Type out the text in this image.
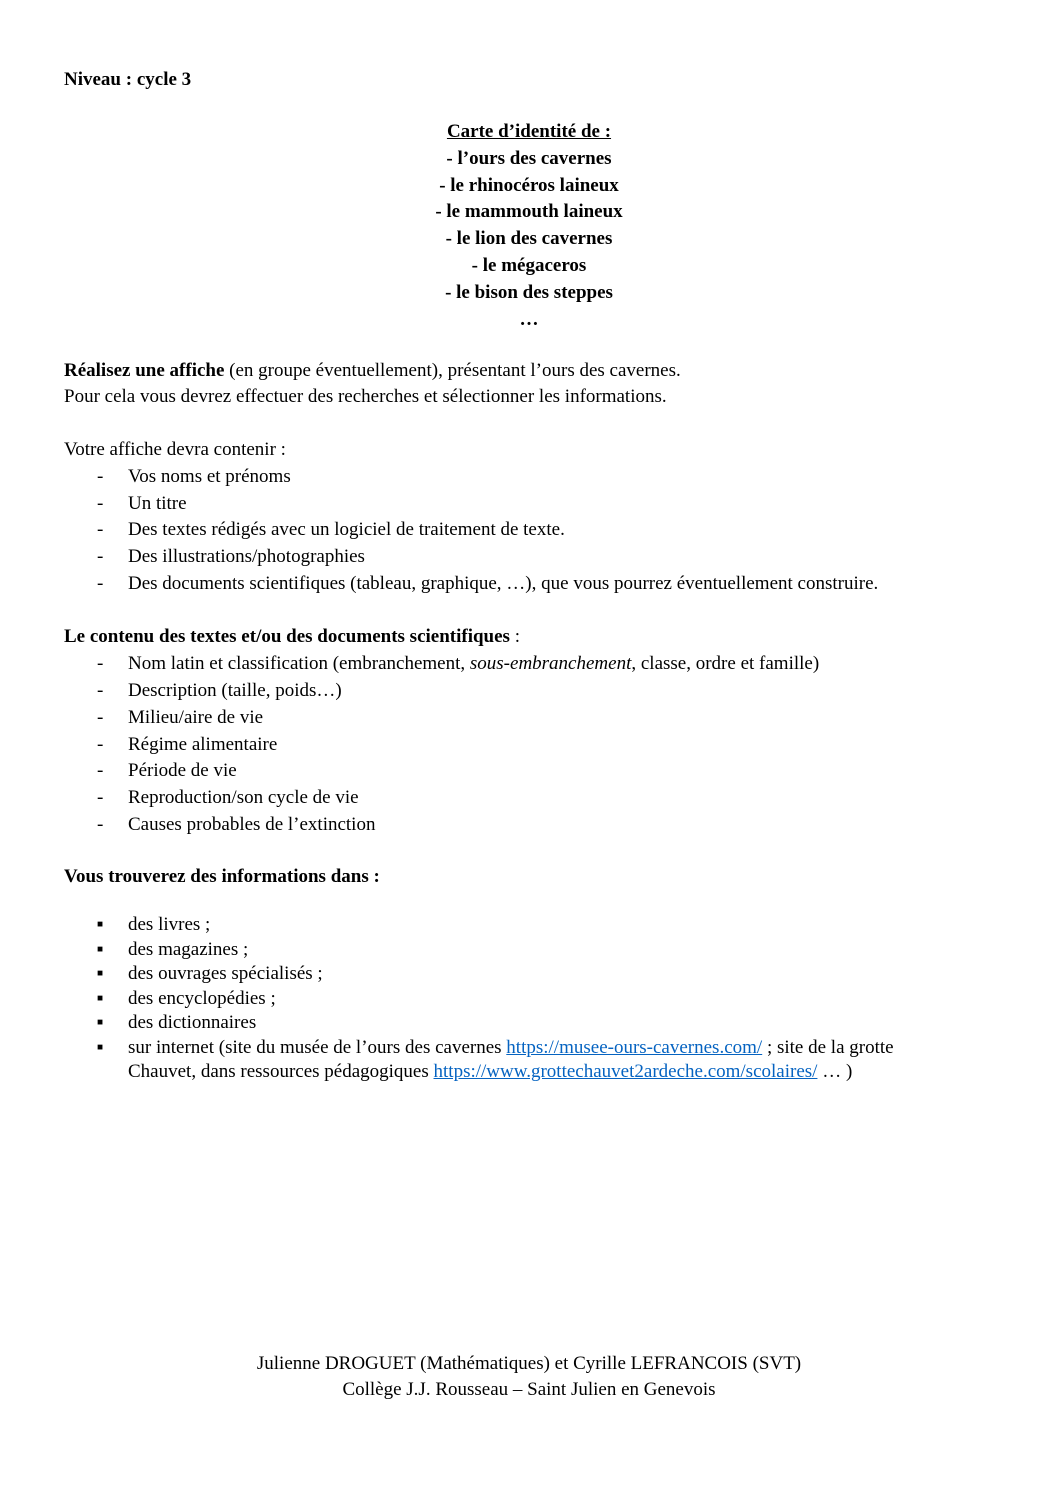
Niveau : cycle 3
Carte d’identité de :
- l’ours des cavernes
- le rhinocéros laineux
- le mammouth laineux
- le lion des cavernes
- le mégaceros
- le bison des steppes
…
Réalisez une affiche (en groupe éventuellement), présentant l’ours des cavernes.
Pour cela vous devrez effectuer des recherches et sélectionner les informations.
Votre affiche devra contenir :
- Vos noms et prénoms
- Un titre
- Des textes rédigés avec un logiciel de traitement de texte.
- Des illustrations/photographies
- Des documents scientifiques (tableau, graphique, …), que vous pourrez éventuellement construire.
Le contenu des textes et/ou des documents scientifiques :
- Nom latin et classification (embranchement, sous-embranchement, classe, ordre et famille)
- Description (taille, poids…)
- Milieu/aire de vie
- Régime alimentaire
- Période de vie
- Reproduction/son cycle de vie
- Causes probables de l’extinction
Vous trouverez des informations dans :
■ des livres ;
■ des magazines ;
■ des ouvrages spécialisés ;
■ des encyclopédies ;
■ des dictionnaires
■ sur internet (site du musée de l’ours des cavernes https://musee-ours-cavernes.com/ ; site de la grotte
Chauvet, dans ressources pédagogiques https://www.grottechauvet2ardeche.com/scolaires/ … )
Julienne DROGUET (Mathématiques) et Cyrille LEFRANCOIS (SVT)
Collège J.J. Rousseau – Saint Julien en Genevois
